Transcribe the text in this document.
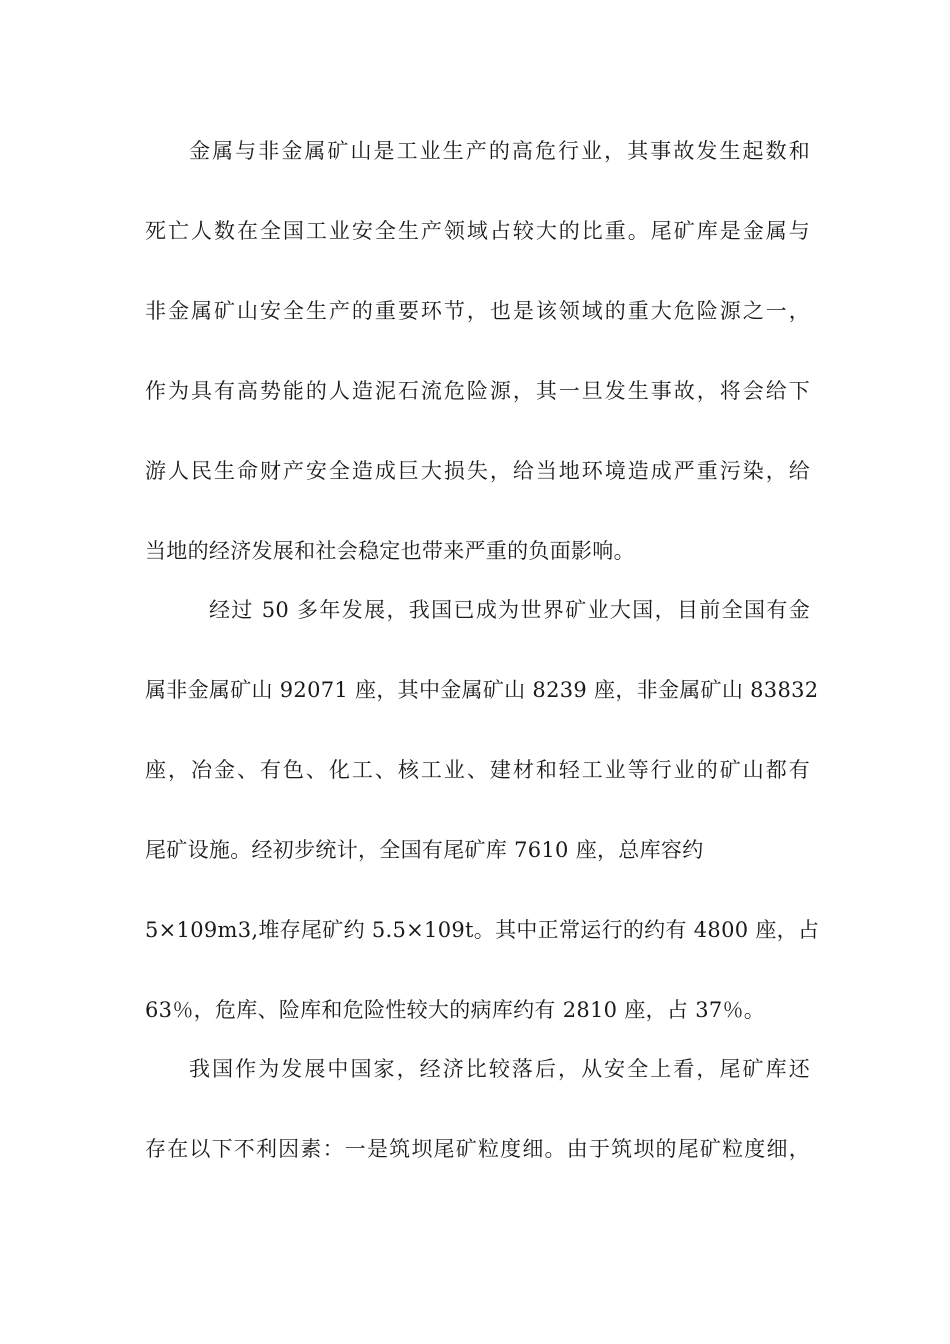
金属与非金属矿山是工业生产的高危行业，其事故发生起数和
死亡人数在全国工业安全生产领域占较大的比重。尾矿库是金属与
非金属矿山安全生产的重要环节，也是该领域的重大危险源之一，
作为具有高势能的人造泥石流危险源，其一旦发生事故，将会给下
游人民生命财产安全造成巨大损失，给当地环境造成严重污染，给
当地的经济发展和社会稳定也带来严重的负面影响。
经过 50 多年发展，我国已成为世界矿业大国，目前全国有金
属非金属矿山 92071 座，其中金属矿山 8239 座，非金属矿山 83832
座，冶金、有色、化工、核工业、建材和轻工业等行业的矿山都有
尾矿设施。经初步统计，全国有尾矿库 7610 座，总库容约
5×109m3,堆存尾矿约 5.5×109t。其中正常运行的约有 4800 座，占
63％，危库、险库和危险性较大的病库约有 2810 座，占 37％。
我国作为发展中国家，经济比较落后，从安全上看，尾矿库还
存在以下不利因素：一是筑坝尾矿粒度细。由于筑坝的尾矿粒度细，
